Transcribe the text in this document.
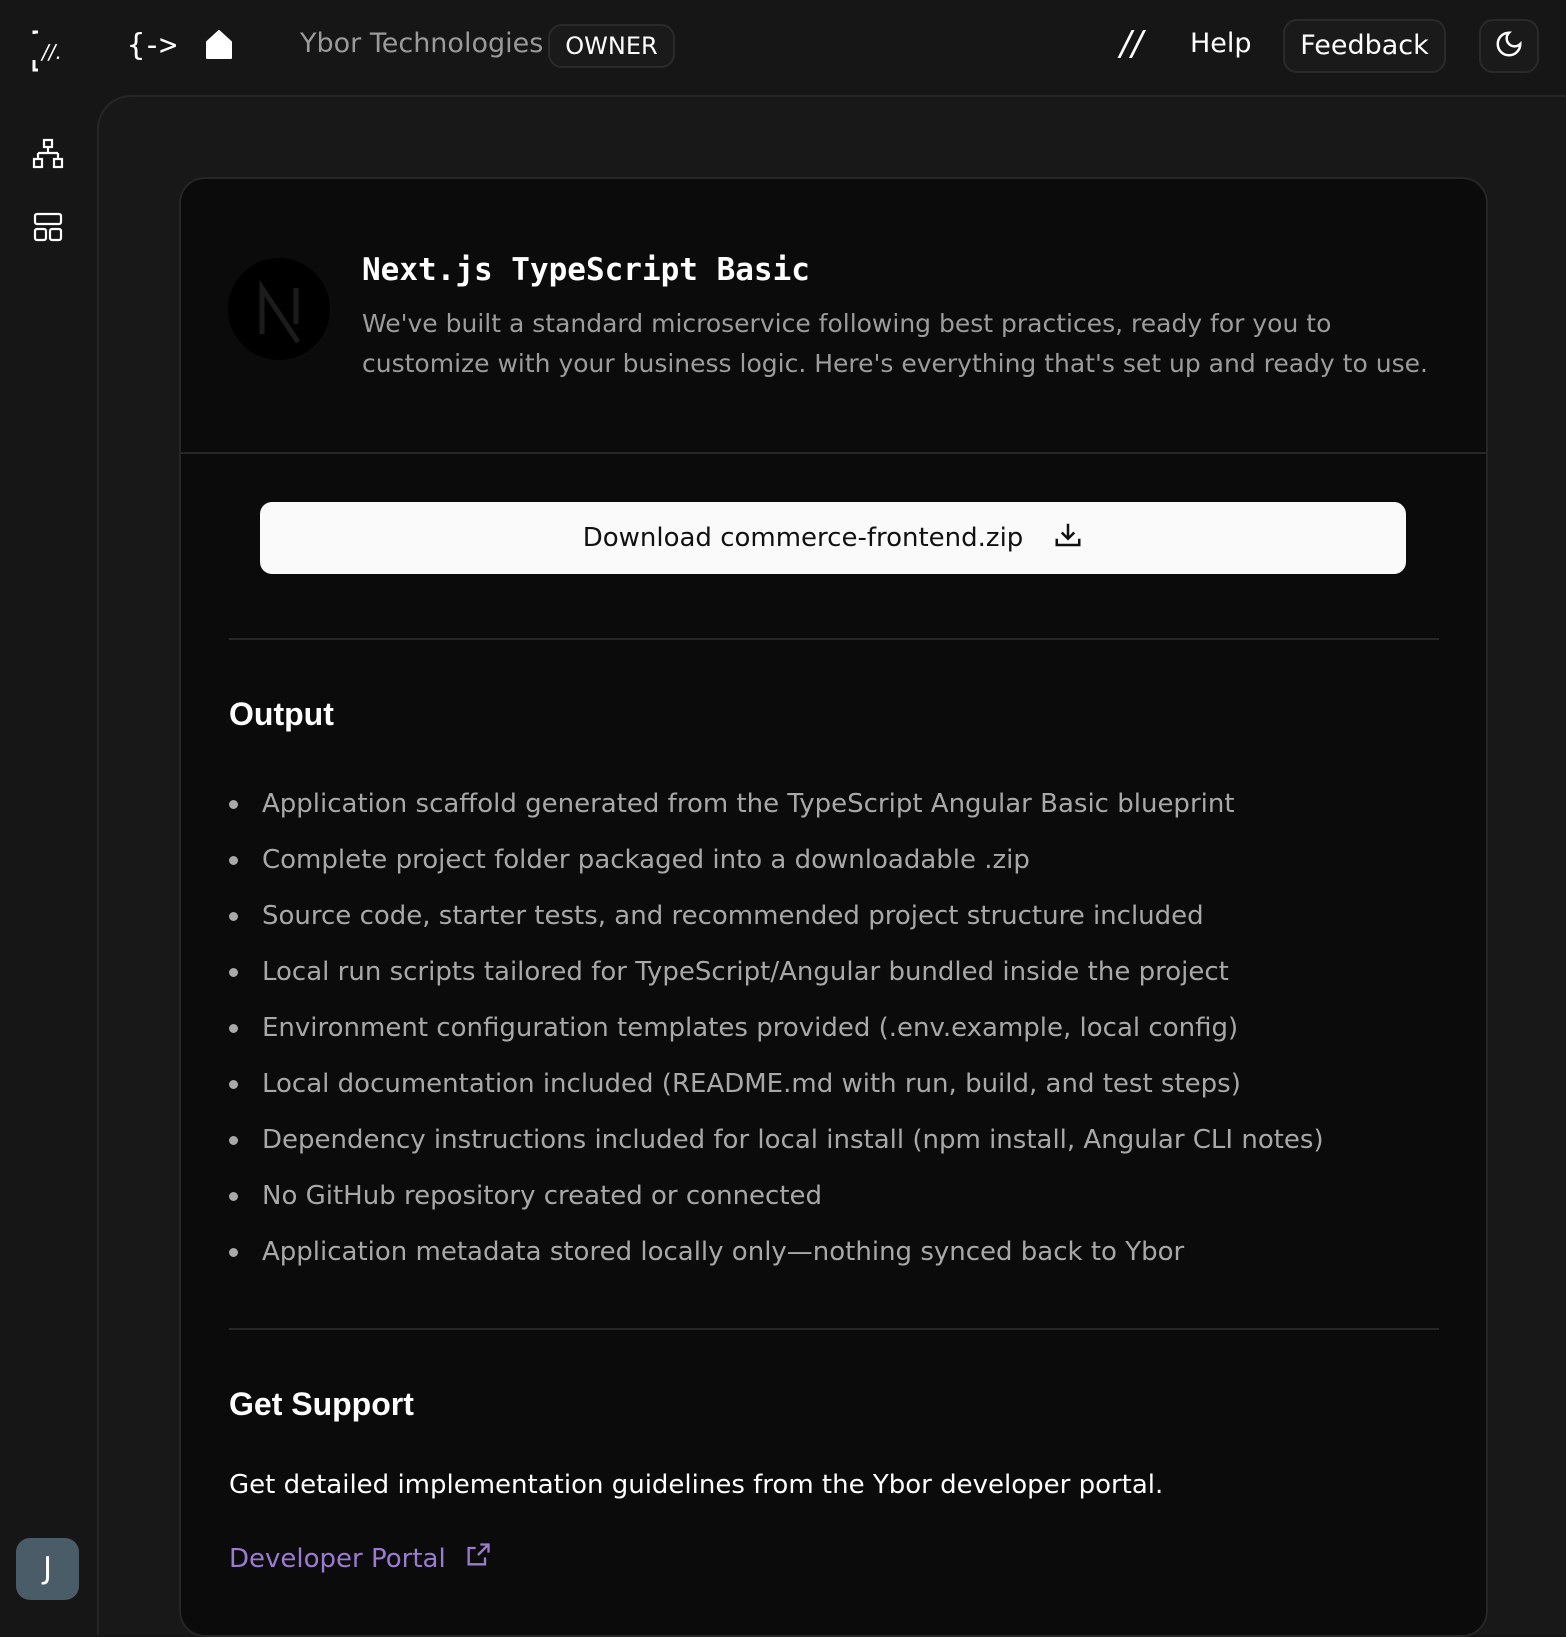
//. {->	Ybor Technologies OWNER	// Help	Feedback
J
Next.js TypeScript Basic
We've built a standard microservice following best practices, ready for you to customize with your business logic. Here's everything that's set up and ready to use.
Download commerce-frontend.zip
Output
Application scaffold generated from the TypeScript Angular Basic blueprint
Complete project folder packaged into a downloadable .zip
Source code, starter tests, and recommended project structure included
Local run scripts tailored for TypeScript/Angular bundled inside the project
Environment configuration templates provided (.env.example, local config)
Local documentation included (README.md with run, build, and test steps)
Dependency instructions included for local install (npm install, Angular CLI notes)
No GitHub repository created or connected
Application metadata stored locally only—nothing synced back to Ybor
Get Support
Get detailed implementation guidelines from the Ybor developer portal.
Developer Portal
